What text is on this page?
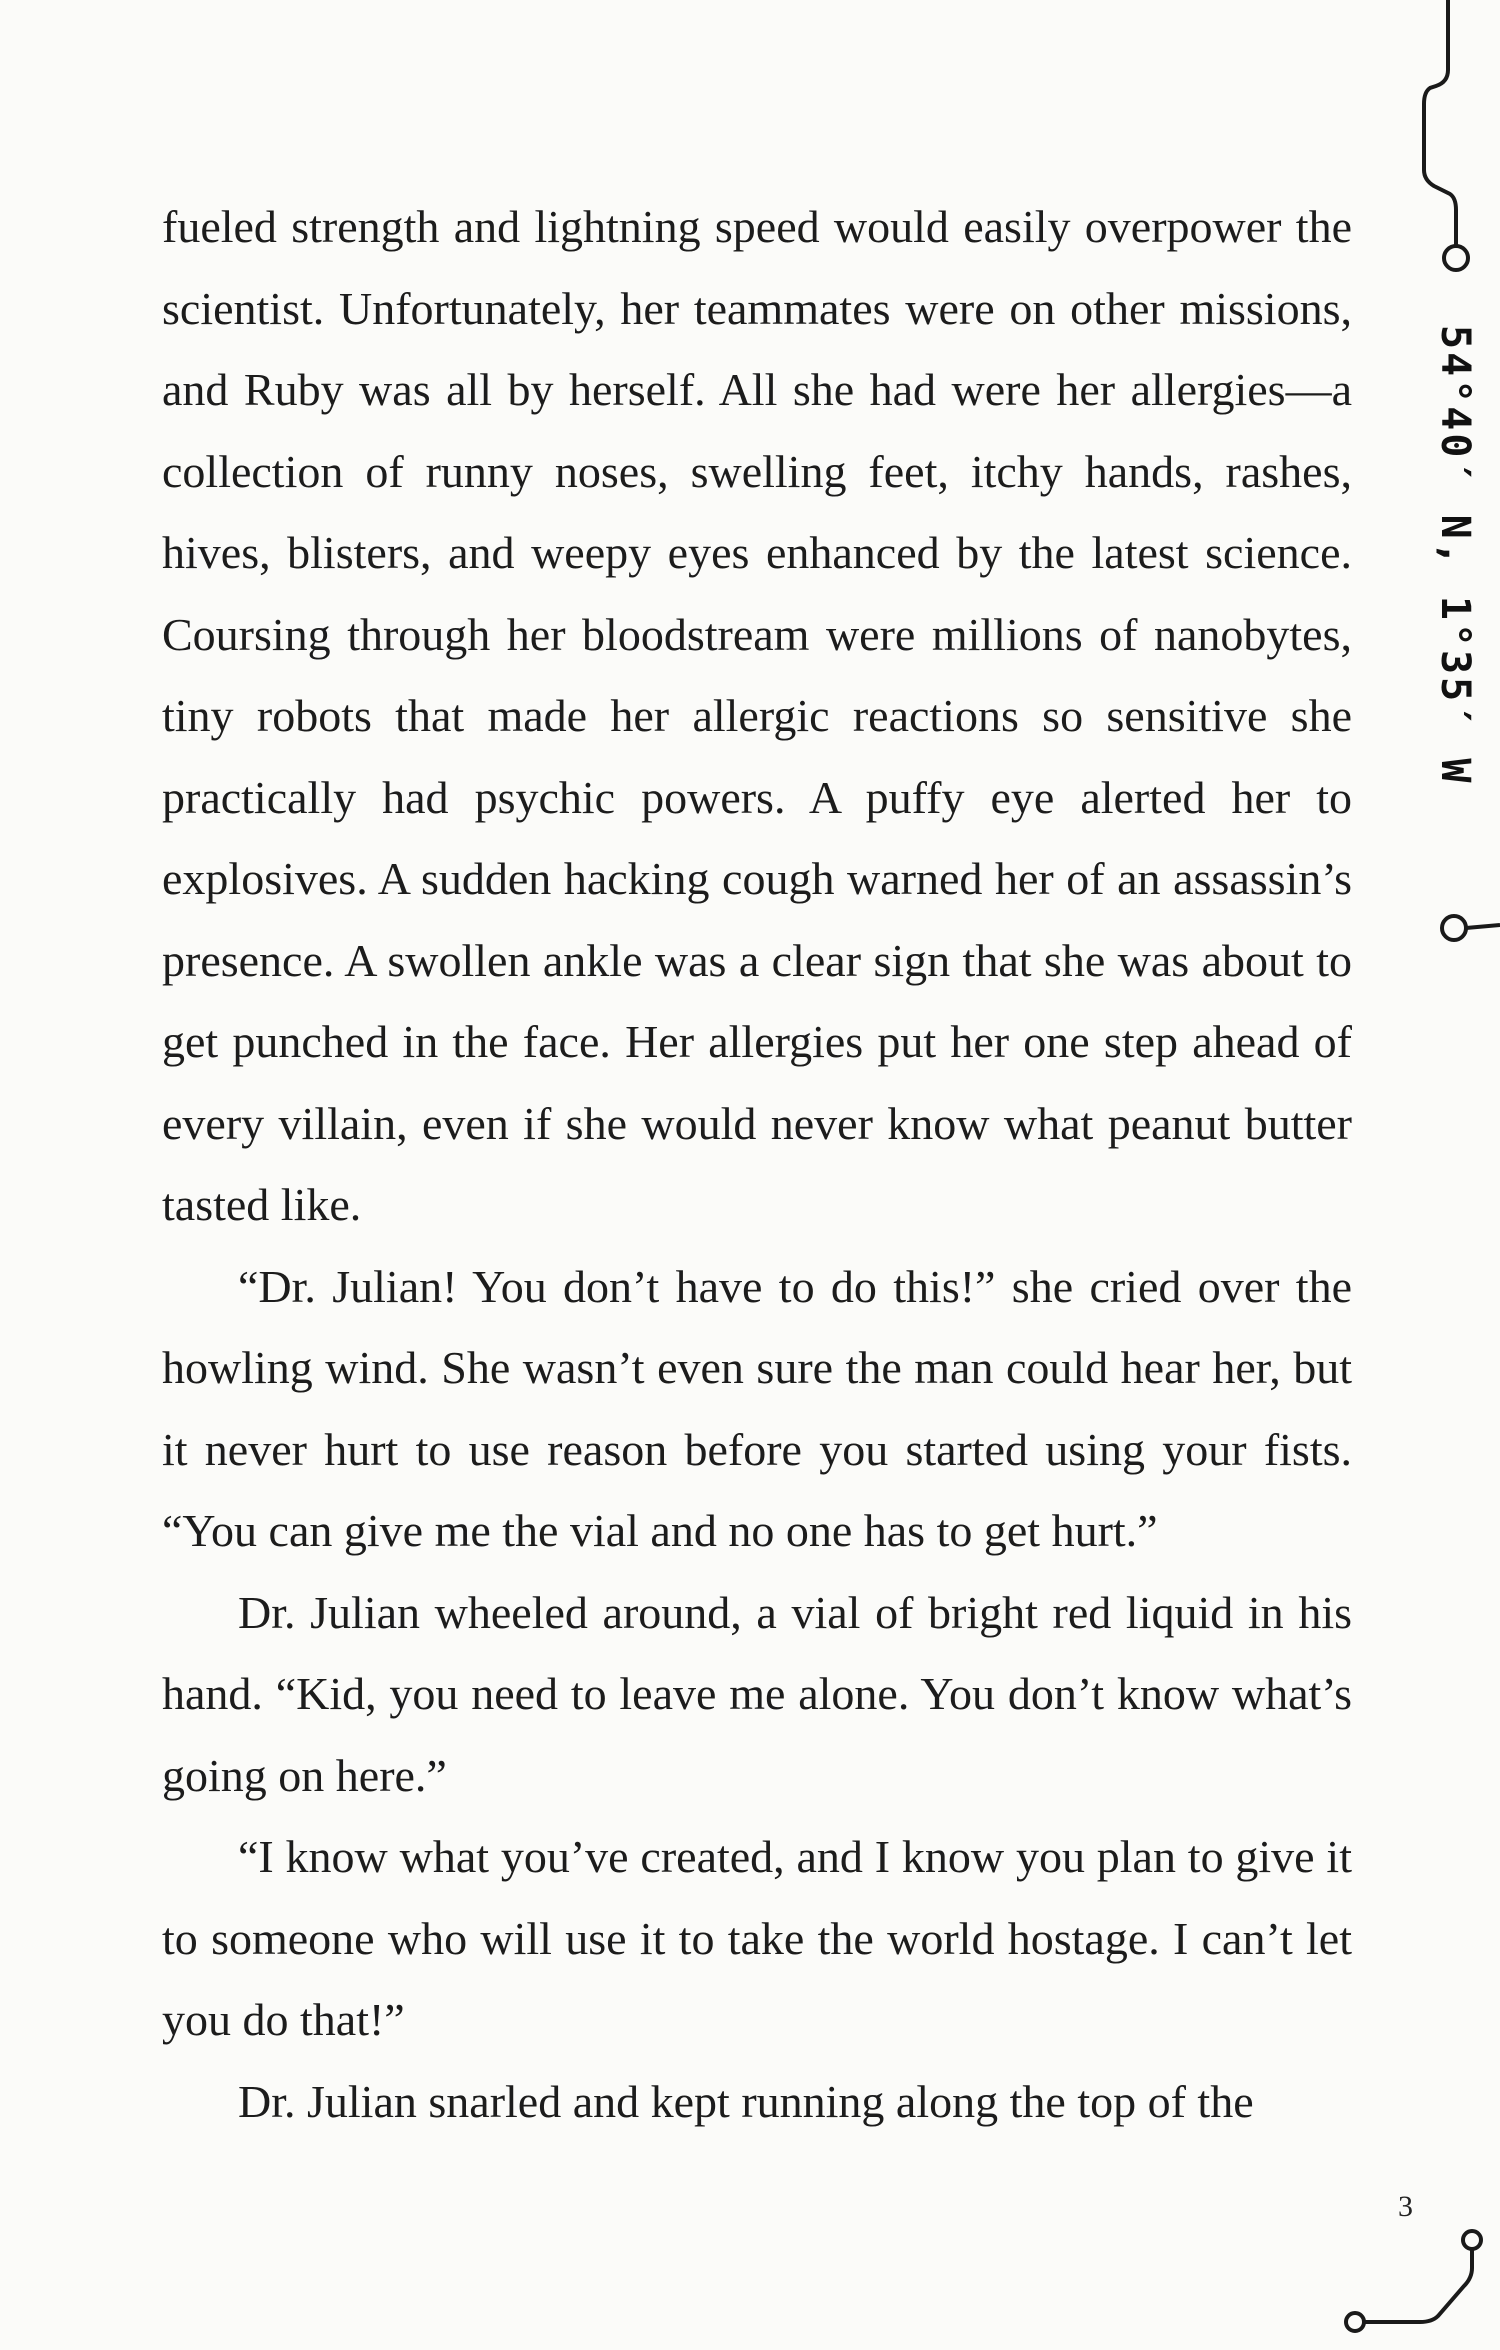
fueled strength and lightning speed would easily overpower the scientist. Unfortunately, her teammates were on other missions, and Ruby was all by herself. All she had were her allergies—a collection of runny noses, swelling feet, itchy hands, rashes, hives, blisters, and weepy eyes enhanced by the latest science. Coursing through her bloodstream were millions of nanobytes, tiny robots that made her allergic reactions so sensitive she practically had psychic powers. A puffy eye alerted her to explosives. A sudden hacking cough warned her of an assassin’s presence. A swollen ankle was a clear sign that she was about to get punched in the face. Her allergies put her one step ahead of every villain, even if she would never know what peanut butter tasted like.

“Dr. Julian! You don’t have to do this!” she cried over the howling wind. She wasn’t even sure the man could hear her, but it never hurt to use reason before you started using your fists. “You can give me the vial and no one has to get hurt.”

Dr. Julian wheeled around, a vial of bright red liquid in his hand. “Kid, you need to leave me alone. You don’t know what’s going on here.”

“I know what you’ve created, and I know you plan to give it to someone who will use it to take the world hostage. I can’t let you do that!”

Dr. Julian snarled and kept running along the top of the

54°40′ N, 1°35′ W
3
